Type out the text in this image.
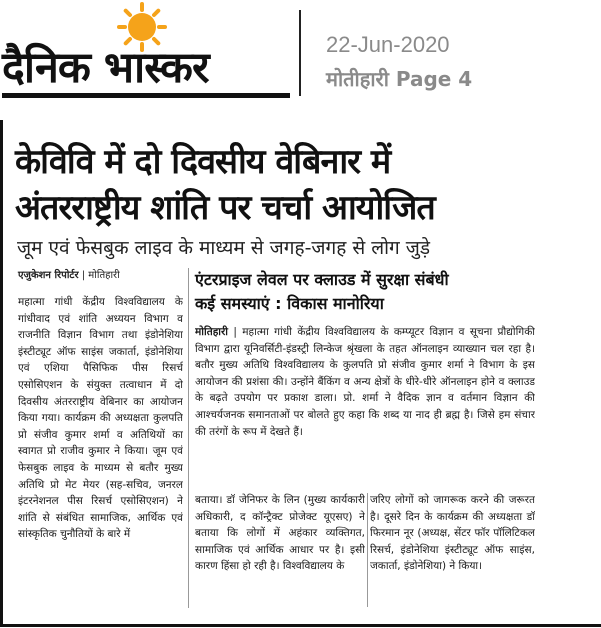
दैनिक भास्कर	22-Jun-2020
मोतीहारी Page 4
केविवि में दो दिवसीय वेबिनार में
अंतरराष्ट्रीय शांति पर चर्चा आयोजित
जूम एवं फेसबुक लाइव के माध्यम से जगह-जगह से लोग जुड़े
एजुकेशन रिपोर्टर | मोतिहारी
महात्मा गांधी केंद्रीय विश्वविद्यालय के गांधीवाद एवं शांति अध्ययन विभाग व राजनीति विज्ञान विभाग तथा इंडोनेशिया इंस्टीट्यूट ऑफ साइंस जकार्ता, इंडोनेशिया एवं एशिया पैसिफिक पीस रिसर्च एसोसिएशन के संयुक्त तत्वाधान में दो दिवसीय अंतरराष्ट्रीय वेबिनार का आयोजन किया गया। कार्यक्रम की अध्यक्षता कुलपति प्रो संजीव कुमार शर्मा व अतिथियों का स्वागत प्रो राजीव कुमार ने किया। जूम एवं फेसबुक लाइव के माध्यम से बतौर मुख्य अतिथि प्रो मेट मेयर (सह-सचिव, जनरल इंटरनेशनल पीस रिसर्च एसोसिएशन) ने शांति से संबंधित सामाजिक, आर्थिक एवं सांस्कृतिक चुनौतियों के बारे में
एंटरप्राइज लेवल पर क्लाउड में सुरक्षा संबंधी
कई समस्याएं : विकास मानोरिया
मोतिहारी | महात्मा गांधी केंद्रीय विश्वविद्यालय के कम्प्यूटर विज्ञान व सूचना प्रौद्योगिकी विभाग द्वारा यूनिवर्सिटी-इंडस्ट्री लिन्केज श्रृंखला के तहत ऑनलाइन व्याख्यान चल रहा है। बतौर मुख्य अतिथि विश्वविद्यालय के कुलपति प्रो संजीव कुमार शर्मा ने विभाग के इस आयोजन की प्रशंसा की। उन्होंने बैंकिंग व अन्य क्षेत्रों के धीरे-धीरे ऑनलाइन होने व क्लाउड के बढ़ते उपयोग पर प्रकाश डाला। प्रो. शर्मा ने वैदिक ज्ञान व वर्तमान विज्ञान की आश्चर्यजनक समानताओं पर बोलते हुए कहा कि शब्द या नाद ही ब्रह्म है। जिसे हम संचार की तरंगों के रूप में देखते हैं।
बताया। डॉ जेनिफर के लिन (मुख्य कार्यकारी अधिकारी, द कॉन्ट्रैक्ट प्रोजेक्ट यूएसए) ने बताया कि लोगों में अहंकार व्यक्तिगत, सामाजिक एवं आर्थिक आधार पर है। इसी कारण हिंसा हो रही है। विश्वविद्यालय के
जरिए लोगों को जागरूक करने की जरूरत है। दूसरे दिन के कार्यक्रम की अध्यक्षता डॉ फिरमान नूर (अध्यक्ष, सेंटर फॉर पॉलिटिकल रिसर्च, इंडोनेशिया इंस्टीट्यूट ऑफ साइंस, जकार्ता, इंडोनेशिया) ने किया।
